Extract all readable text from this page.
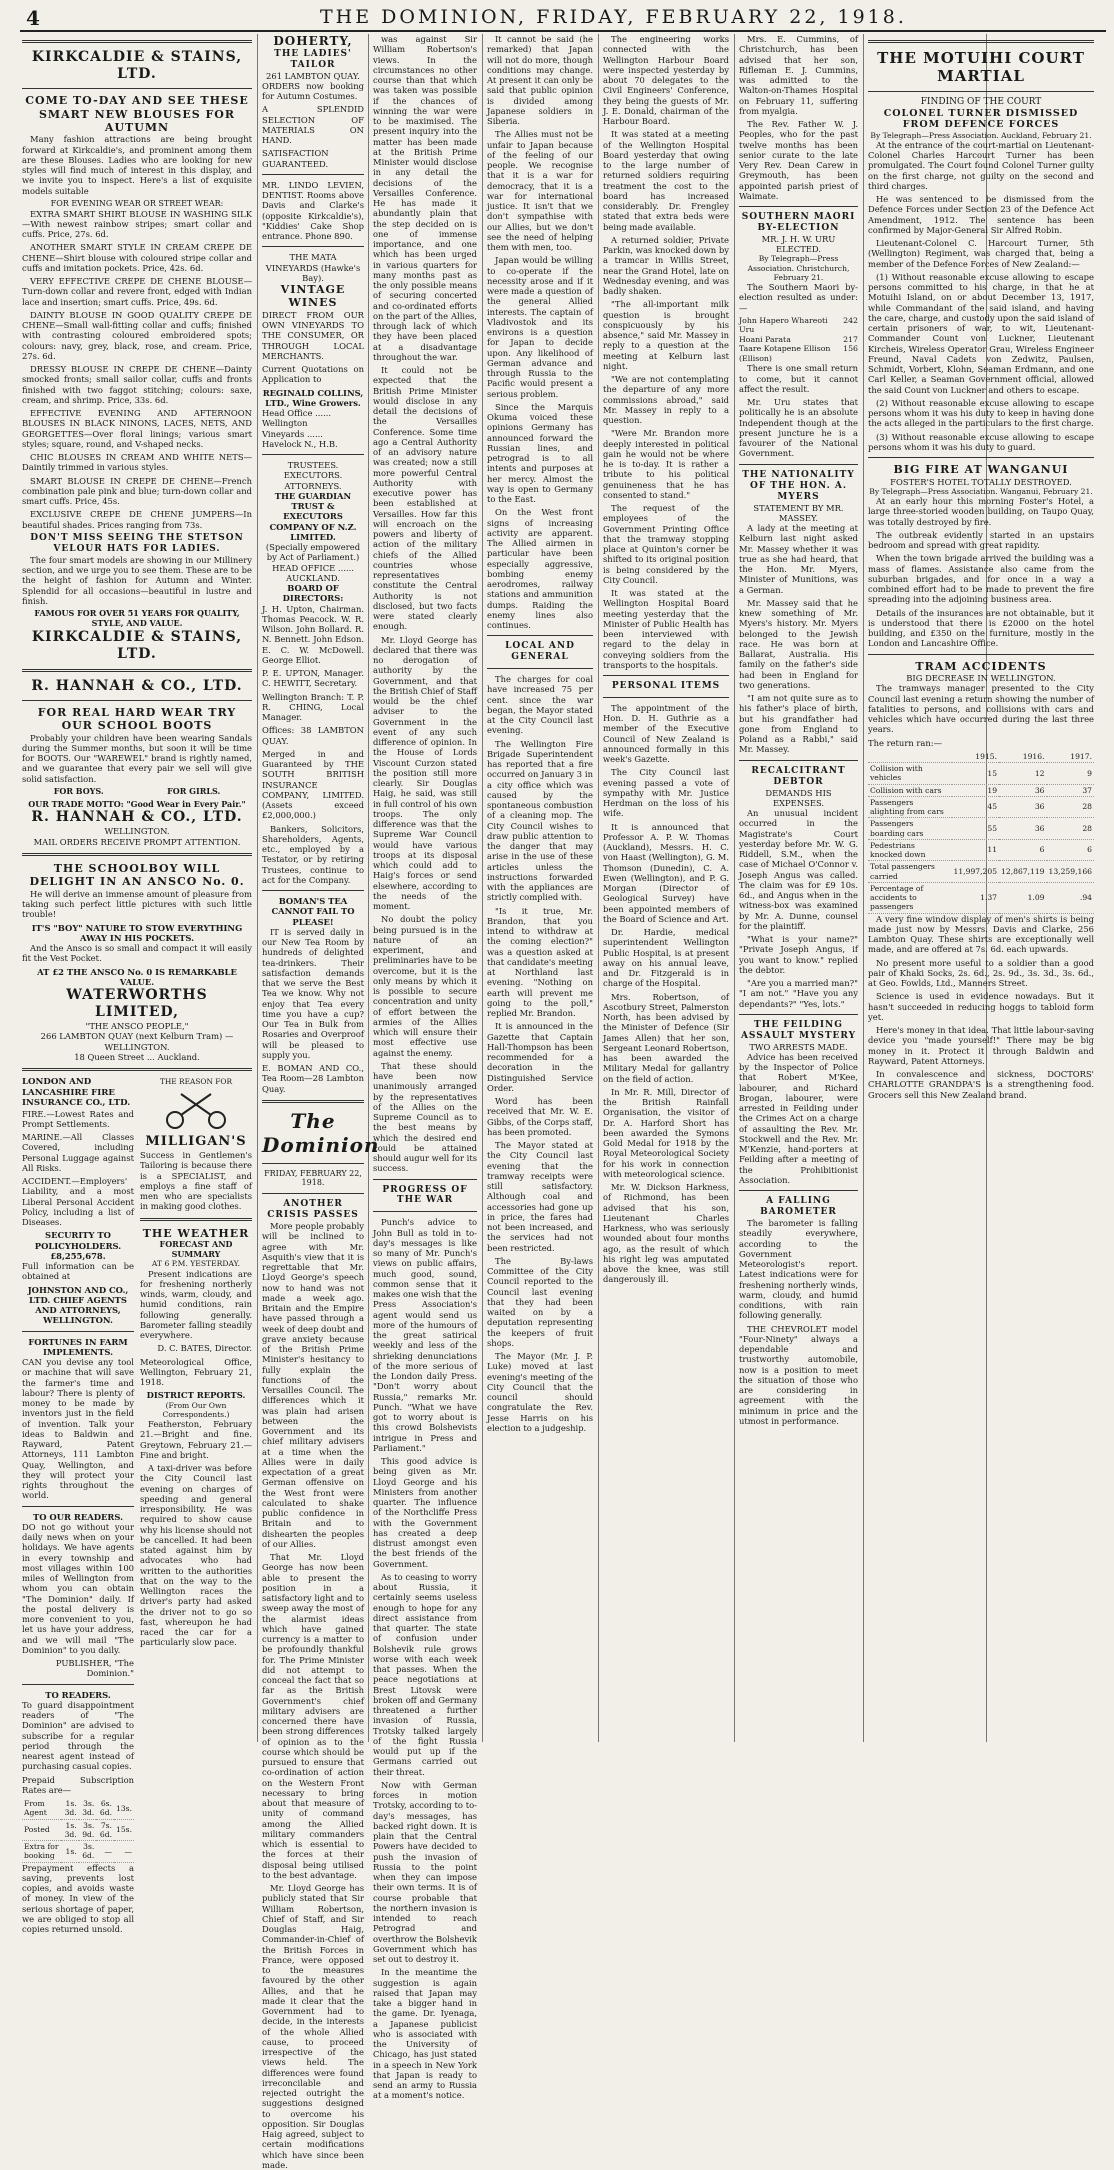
4	THE DOMINION, FRIDAY, FEBRUARY 22, 1918.
KIRKCALDIE & STAINS, LTD.
COME TO-DAY AND SEE THESE SMART NEW BLOUSES FOR AUTUMN

Many fashion attractions are being brought forward at Kirkcaldie's, and prominent among them are these Blouses. Ladies who are looking for new styles will find much of interest in this display, and we invite you to inspect. Here's a list of exquisite models suitable

FOR EVENING WEAR OR STREET WEAR:

EXTRA SMART SHIRT BLOUSE IN WASHING SILK—With newest rainbow stripes; smart collar and cuffs. Price, 27s. 6d.

ANOTHER SMART STYLE IN CREAM CREPE DE CHENE—Shirt blouse with coloured stripe collar and cuffs and imitation pockets. Price, 42s. 6d.

VERY EFFECTIVE CREPE DE CHENE BLOUSE—Turn-down collar and revere front, edged with Indian lace and insertion; smart cuffs. Price, 49s. 6d.

DAINTY BLOUSE IN GOOD QUALITY CREPE DE CHENE—Small wall-fitting collar and cuffs; finished with contrasting coloured embroidered spots; colours: navy, grey, black, rose, and cream. Price, 27s. 6d.

DRESSY BLOUSE IN CREPE DE CHENE—Dainty smocked fronts; small sailor collar, cuffs and fronts finished with two faggot stitching; colours: saxe, cream, and shrimp. Price, 33s. 6d.

EFFECTIVE EVENING AND AFTERNOON BLOUSES IN BLACK NINONS, LACES, NETS, AND GEORGETTES—Over floral linings; various smart styles; square, round, and V-shaped necks.

CHIC BLOUSES IN CREAM AND WHITE NETS—Daintily trimmed in various styles.

SMART BLOUSE IN CREPE DE CHENE—French combination pale pink and blue; turn-down collar and smart cuffs. Price, 45s.

EXCLUSIVE CREPE DE CHENE JUMPERS—In beautiful shades. Prices ranging from 73s.

DON'T MISS SEEING THE STETSON VELOUR HATS FOR LADIES.

The four smart models are showing in our Millinery section, and we urge you to see them. These are to be the height of fashion for Autumn and Winter. Splendid for all occasions—beautiful in lustre and finish.

FAMOUS FOR OVER 51 YEARS FOR QUALITY, STYLE, AND VALUE.
KIRKCALDIE & STAINS, LTD.
R. HANNAH & CO., LTD.
FOR REAL HARD WEAR TRY OUR SCHOOL BOOTS

Probably your children have been wearing Sandals during the Summer months, but soon it will be time for BOOTS. Our "WAREWEL" brand is rightly named, and we guarantee that every pair we sell will give solid satisfaction.

FOR BOYS.	FOR GIRLS.
OUR TRADE MOTTO: "Good Wear in Every Pair."
R. HANNAH & CO., LTD.
WELLINGTON.
MAIL ORDERS RECEIVE PROMPT ATTENTION.
THE SCHOOLBOY WILL DELIGHT IN AN ANSCO No. 0.

He will derive an immense amount of pleasure from taking such perfect little pictures with such little trouble!

IT'S "BOY" NATURE TO STOW EVERYTHING AWAY IN HIS POCKETS.

And the Ansco is so small and compact it will easily fit the Vest Pocket.

AT £2 THE ANSCO No. 0 IS REMARKABLE VALUE.
WATERWORTHS LIMITED,
"THE ANSCO PEOPLE,"
266 LAMBTON QUAY (next Kelburn Tram) — WELLINGTON.
18 Queen Street ... Auckland.
LONDON AND LANCASHIRE FIRE INSURANCE CO., LTD.

FIRE.—Lowest Rates and Prompt Settlements.

MARINE.—All Classes Covered, including Personal Luggage against All Risks.

ACCIDENT.—Employers' Liability, and a most Liberal Personal Accident Policy, including a list of Diseases.

SECURITY TO POLICYHOLDERS. £8,255,678.

Full information can be obtained at

JOHNSTON AND CO., LTD. CHIEF AGENTS AND ATTORNEYS, WELLINGTON.
FORTUNES IN FARM IMPLEMENTS.

CAN you devise any tool or machine that will save the farmer's time and labour? There is plenty of money to be made by inventors just in the field of invention. Talk your ideas to Baldwin and Rayward, Patent Attorneys, 111 Lambton Quay, Wellington, and they will protect your rights throughout the world.

TO OUR READERS.

DO not go without your daily news when on your holidays. We have agents in every township and most villages within 100 miles of Wellington from whom you can obtain "The Dominion" daily. If the postal delivery is more convenient to you, let us have your address, and we will mail "The Dominion" to you daily.

PUBLISHER, "The Dominion."

TO READERS.

To guard disappointment readers of "The Dominion" are advised to subscribe for a regular period through the nearest agent instead of purchasing casual copies.

Prepaid Subscription Rates are—

From Agent	1s. 3d.	3s. 3d.	6s. 6d.	13s.
Posted	1s. 3d.	3s. 9d.	7s. 6d.	15s.
Extra for booking	1s.	3s. 6d.	—	—

Prepayment effects a saving, prevents lost copies, and avoids waste of money. In view of the serious shortage of paper, we are obliged to stop all copies returned unsold.

THE REASON FOR
MILLIGAN'S

Success in Gentlemen's Tailoring is because there is a SPECIALIST, and employs a fine staff of men who are specialists in making good clothes.

THE WEATHER
FORECAST AND SUMMARY
AT 6 P.M. YESTERDAY.

Present indications are for freshening northerly winds, warm, cloudy, and humid conditions, rain following generally. Barometer falling steadily everywhere.

D. C. BATES, Director.

Meteorological Office, Wellington, February 21, 1918.

DISTRICT REPORTS.
(From Our Own Correspondents.)

Featherston, February 21.—Bright and fine. Greytown, February 21.—Fine and bright.

A taxi-driver was before the City Council last evening on charges of speeding and general irresponsibility. He was required to show cause why his license should not be cancelled. It had been stated against him by advocates who had written to the authorities that on the way to the Wellington races the driver's party had asked the driver not to go so fast, whereupon he had raced the car for a particularly slow pace.

DOHERTY,
THE LADIES' TAILOR
261 LAMBTON QUAY.

ORDERS now booking for Autumn Costumes.

A SPLENDID SELECTION OF MATERIALS ON HAND.

SATISFACTION GUARANTEED.

MR. LINDO LEVIEN, DENTIST. Rooms above Davis and Clarke's (opposite Kirkcaldie's), "Kiddies' Cake Shop entrance. Phone 890.

THE MATA VINEYARDS (Hawke's Bay).
VINTAGE WINES

DIRECT FROM OUR OWN VINEYARDS TO THE CONSUMER, OR THROUGH LOCAL MERCHANTS.

Current Quotations on Application to

REGINALD COLLINS, LTD., Wine Growers.
Head Office ...... Wellington
Vineyards ...... Havelock N., H.B.
TRUSTEES. EXECUTORS. ATTORNEYS.
THE GUARDIAN TRUST & EXECUTORS COMPANY OF N.Z. LIMITED.
(Specially empowered by Act of Parliament.)
HEAD OFFICE ...... AUCKLAND.
BOARD OF DIRECTORS:

J. H. Upton, Chairman. Thomas Peacock. W. R. Wilson. John Bollard. R. N. Bennett. John Edson. E. C. W. McDowell. George Elliot.

P. E. UPTON, Manager. C. HEWITT, Secretary.

Wellington Branch: T. P. R. CHING, Local Manager.

Offices: 38 LAMBTON QUAY.

Merged in and Guaranteed by THE SOUTH BRITISH INSURANCE COMPANY, LIMITED. (Assets exceed £2,000,000.)

Bankers, Solicitors, Shareholders, Agents, etc., employed by a Testator, or by retiring Trustees, continue to act for the Company.

BOMAN'S TEA CANNOT FAIL TO PLEASE!

IT is served daily in our New Tea Room by hundreds of delighted tea-drinkers. Their satisfaction demands that we serve the Best Tea we know. Why not enjoy that Tea every time you have a cup? Our Tea in Bulk from Rosaries and Overproof will be pleased to supply you.

E. BOMAN AND CO., Tea Room—28 Lambton Quay.

The Dominion
FRIDAY, FEBRUARY 22, 1918.
ANOTHER CRISIS PASSES

More people probably will be inclined to agree with Mr. Asquith's view that it is regrettable that Mr. Lloyd George's speech now to hand was not made a week ago. Britain and the Empire have passed through a week of deep doubt and grave anxiety because of the British Prime Minister's hesitancy to fully explain the functions of the Versailles Council. The differences which it was plain had arisen between the Government and its chief military advisers at a time when the Allies were in daily expectation of a great German offensive on the West front were calculated to shake public confidence in Britain and to dishearten the peoples of our Allies.

That Mr. Lloyd George has now been able to present the position in a satisfactory light and to sweep away the most of the alarmist ideas which have gained currency is a matter to be profoundly thankful for. The Prime Minister did not attempt to conceal the fact that so far as the British Government's chief military advisers are concerned there have been strong differences of opinion as to the course which should be pursued to ensure that co-ordination of action on the Western Front necessary to bring about that measure of unity of command among the Allied military commanders which is essential to the forces at their disposal being utilised to the best advantage.

Mr. Lloyd George has publicly stated that Sir William Robertson, Chief of Staff, and Sir Douglas Haig, Commander-in-Chief of the British Forces in France, were opposed to the measures favoured by the other Allies, and that he made it clear that the Government had to decide, in the interests of the whole Allied cause, to proceed irrespective of the views held. The differences were found irreconcilable and rejected outright the suggestions designed to overcome his opposition. Sir Douglas Haig agreed, subject to certain modifications which have since been made.

was against Sir William Robertson's views. In the circumstances no other course than that which was taken was possible if the chances of winning the war were to be maximised. The present inquiry into the matter has been made at the British Prime Minister would disclose in any detail the decisions of the Versailles Conference. He has made it abundantly plain that the step decided on is one of immense importance, and one which has been urged in various quarters for many months past as the only possible means of securing concerted and co-ordinated efforts on the part of the Allies, through lack of which they have been placed at a disadvantage throughout the war.

It could not be expected that the British Prime Minister would disclose in any detail the decisions of the Versailles Conference. Some time ago a Central Authority of an advisory nature was created; now a still more powerful Central Authority with executive power has been established at Versailles. How far this will encroach on the powers and liberty of action of the military chiefs of the Allied countries whose representatives constitute the Central Authority is not disclosed, but two facts were stated clearly enough.

Mr. Lloyd George has declared that there was no derogation of authority by the Government, and that the British Chief of Staff would be the chief adviser to the Government in the event of any such difference of opinion. In the House of Lords Viscount Curzon stated the position still more clearly. Sir Douglas Haig, he said, was still in full control of his own troops. The only difference was that the Supreme War Council would have various troops at its disposal which could add to Haig's forces or send elsewhere, according to the needs of the moment.

No doubt the policy being pursued is in the nature of an experiment, and preliminaries have to be overcome, but it is the only means by which it is possible to secure concentration and unity of effort between the armies of the Allies which will ensure their most effective use against the enemy.

That these should have been now unanimously arranged by the representatives of the Allies on the Supreme Council as to the best means by which the desired end could be attained should augur well for its success.

PROGRESS OF THE WAR

Punch's advice to John Bull as told in to-day's messages is like so many of Mr. Punch's views on public affairs, much good, sound, common sense that it makes one wish that the Press Association's agent would send us more of the humours of the great satirical weekly and less of the shrieking denunciations of the more serious of the London daily Press. "Don't worry about Russia," remarks Mr. Punch. "What we have got to worry about is this crowd Bolshevists intrigue in Press and Parliament."

This good advice is being given as Mr. Lloyd George and his Ministers from another quarter. The influence of the Northcliffe Press with the Government has created a deep distrust amongst even the best friends of the Government.

As to ceasing to worry about Russia, it certainly seems useless enough to hope for any direct assistance from that quarter. The state of confusion under Bolshevik rule grows worse with each week that passes. When the peace negotiations at Brest Litovsk were broken off and Germany threatened a further invasion of Russia, Trotsky talked largely of the fight Russia would put up if the Germans carried out their threat.

Now with German forces in motion Trotsky, according to to-day's messages, has backed right down. It is plain that the Central Powers have decided to push the invasion of Russia to the point when they can impose their own terms. It is of course probable that the northern invasion is intended to reach Petrograd and overthrow the Bolshevik Government which has set out to destroy it.

In the meantime the suggestion is again raised that Japan may take a bigger hand in the game. Dr. Iyenaga, a Japanese publicist who is associated with the University of Chicago, has just stated in a speech in New York that Japan is ready to send an army to Russia at a moment's notice.

It cannot be said (he remarked) that Japan will not do more, though conditions may change. At present it can only be said that public opinion is divided among Japanese soldiers in Siberia.

The Allies must not be unfair to Japan because of the feeling of our people. We recognise that it is a war for democracy, that it is a war for international justice. It isn't that we don't sympathise with our Allies, but we don't see the need of helping them with men, too.

Japan would be willing to co-operate if the necessity arose and if it were made a question of the general Allied interests. The captain of Vladivostok and its environs is a question for Japan to decide upon. Any likelihood of German advance and through Russia to the Pacific would present a serious problem.

Since the Marquis Okuma voiced these opinions Germany has announced forward the Russian lines, and petrograd is to all intents and purposes at her mercy. Almost the way is open to Germany to the East.

On the West front signs of increasing activity are apparent. The Allied airmen in particular have been especially aggressive, bombing enemy aerodromes, railway stations and ammunition dumps. Raiding the enemy lines also continues.

LOCAL AND GENERAL

The charges for coal have increased 75 per cent. since the war began, the Mayor stated at the City Council last evening.

The Wellington Fire Brigade Superintendent has reported that a fire occurred on January 3 in a city office which was caused by the spontaneous combustion of a cleaning mop. The City Council wishes to draw public attention to the danger that may arise in the use of these articles unless the instructions forwarded with the appliances are strictly complied with.

"Is it true, Mr. Brandon, that you intend to withdraw at the coming election?" was a question asked at that candidate's meeting at Northland last evening. "Nothing on earth will prevent me going to the poll," replied Mr. Brandon.

It is announced in the Gazette that Captain Hall-Thompson has been recommended for a decoration in the Distinguished Service Order.

Word has been received that Mr. W. E. Gibbs, of the Corps staff, has been promoted.

The Mayor stated at the City Council last evening that the tramway receipts were still satisfactory. Although coal and accessories had gone up in price, the fares had not been increased, and the services had not been restricted.

The By-laws Committee of the City Council reported to the Council last evening that they had been waited on by a deputation representing the keepers of fruit shops.

The Mayor (Mr. J. P. Luke) moved at last evening's meeting of the City Council that the council should congratulate the Rev. Jesse Harris on his election to a judgeship.

The engineering works connected with the Wellington Harbour Board were inspected yesterday by about 70 delegates to the Civil Engineers' Conference, they being the guests of Mr. J. E. Donald, chairman of the Harbour Board.

It was stated at a meeting of the Wellington Hospital Board yesterday that owing to the large number of returned soldiers requiring treatment the cost to the board has increased considerably. Dr. Frengley stated that extra beds were being made available.

A returned soldier, Private Parkin, was knocked down by a tramcar in Willis Street, near the Grand Hotel, late on Wednesday evening, and was badly shaken.

"The all-important milk question is brought conspicuously by his absence," said Mr. Massey in reply to a question at the meeting at Kelburn last night.

"We are not contemplating the departure of any more commissions abroad," said Mr. Massey in reply to a question.

"Were Mr. Brandon more deeply interested in political gain he would not be where he is to-day. It is rather a tribute to his political genuineness that he has consented to stand."

The request of the employees of the Government Printing Office that the tramway stopping place at Quinton's corner be shifted to its original position is being considered by the City Council.

It was stated at the Wellington Hospital Board meeting yesterday that the Minister of Public Health has been interviewed with regard to the delay in conveying soldiers from the transports to the hospitals.

PERSONAL ITEMS

The appointment of the Hon. D. H. Guthrie as a member of the Executive Council of New Zealand is announced formally in this week's Gazette.

The City Council last evening passed a vote of sympathy with Mr. Justice Herdman on the loss of his wife.

It is announced that Professor A. P. W. Thomas (Auckland), Messrs. H. C. von Haast (Wellington), G. M. Thomson (Dunedin), C. A. Ewen (Wellington), and P. G. Morgan (Director of Geological Survey) have been appointed members of the Board of Science and Art.

Dr. Hardie, medical superintendent Wellington Public Hospital, is at present away on his annual leave, and Dr. Fitzgerald is in charge of the Hospital.

Mrs. Robertson, of Ascotbury Street, Palmerston North, has been advised by the Minister of Defence (Sir James Allen) that her son, Sergeant Leonard Robertson, has been awarded the Military Medal for gallantry on the field of action.

In Mr. R. Mill, Director of the British Rainfall Organisation, the visitor of Dr. A. Harford Short has been awarded the Symons Gold Medal for 1918 by the Royal Meteorological Society for his work in connection with meteorological science.

Mr. W. Dickson Harkness, of Richmond, has been advised that his son, Lieutenant Charles Harkness, who was seriously wounded about four months ago, as the result of which his right leg was amputated above the knee, was still dangerously ill.

Mrs. E. Cummins, of Christchurch, has been advised that her son, Rifleman E. J. Cummins, was admitted to the Walton-on-Thames Hospital on February 11, suffering from myalgia.

The Rev. Father W. J. Peoples, who for the past twelve months has been senior curate to the late Very Rev. Dean Carew in Greymouth, has been appointed parish priest of Waimate.

SOUTHERN MAORI BY-ELECTION
MR. J. H. W. URU ELECTED.
By Telegraph—Press Association. Christchurch, February 21.

The Southern Maori by-election resulted as under:—

John Hapero Whareoti Uru
242
Hoani Parata	217
Taare Kotapene Ellison (Ellison)
156

There is one small return to come, but it cannot affect the result.

Mr. Uru states that politically he is an absolute Independent though at the present juncture he is a favourer of the National Government.

THE NATIONALITY OF THE HON. A. MYERS
STATEMENT BY MR. MASSEY.

A lady at the meeting at Kelburn last night asked Mr. Massey whether it was true as she had heard, that the Hon. Mr. Myers, Minister of Munitions, was a German.

Mr. Massey said that he knew something of Mr. Myers's history. Mr. Myers belonged to the Jewish race. He was born at Ballarat, Australia. His family on the father's side had been in England for two generations.

"I am not quite sure as to his father's place of birth, but his grandfather had gone from England to Poland as a Rabbi," said Mr. Massey.

RECALCITRANT DEBTOR
DEMANDS HIS EXPENSES.

An unusual incident occurred in the Magistrate's Court yesterday before Mr. W. G. Riddell, S.M., when the case of Michael O'Connor v. Joseph Angus was called. The claim was for £9 10s. 6d., and Angus when in the witness-box was examined by Mr. A. Dunne, counsel for the plaintiff.

"What is your name?" "Private Joseph Angus, if you want to know." replied the debtor.

"Are you a married man?" "I am not." "Have you any dependants?" "Yes, lots."

THE FEILDING ASSAULT MYSTERY
TWO ARRESTS MADE.

Advice has been received by the Inspector of Police that Robert M'Kee, labourer, and Richard Brogan, labourer, were arrested in Feilding under the Crimes Act on a charge of assaulting the Rev. Mr. Stockwell and the Rev. Mr. M'Kenzie, hand-porters at Feilding after a meeting of the Prohibitionist Association.

A FALLING BAROMETER

The barometer is falling steadily everywhere, according to the Government Meteorologist's report. Latest indications were for freshening northerly winds, warm, cloudy, and humid conditions, with rain following generally.

THE CHEVROLET model "Four-Ninety" always a dependable and trustworthy automobile, now is a position to meet the situation of those who are considering in agreement with the minimum in price and the utmost in performance.

THE MOTUIHI COURT MARTIAL
FINDING OF THE COURT
COLONEL TURNER DISMISSED FROM DEFENCE FORCES
By Telegraph—Press Association. Auckland, February 21.

At the entrance of the court-martial on Lieutenant-Colonel Charles Harcourt Turner has been promulgated. The Court found Colonel Turner guilty on the first charge, not guilty on the second and third charges.

He was sentenced to be dismissed from the Defence Forces under Section 23 of the Defence Act Amendment, 1912. The sentence has been confirmed by Major-General Sir Alfred Robin.

Lieutenant-Colonel C. Harcourt Turner, 5th (Wellington) Regiment, was charged that, being a member of the Defence Forces of New Zealand:—

(1) Without reasonable excuse allowing to escape persons committed to his charge, in that he at Motuihi Island, on or about December 13, 1917, while Commandant of the said island, and having the care, charge, and custody upon the said island of certain prisoners of war, to wit, Lieutenant-Commander Count von Luckner, Lieutenant Kircheis, Wireless Operator Grau, Wireless Engineer Freund, Naval Cadets von Zedwitz, Paulsen, Schmidt, Vorbert, Klohn, Seaman Erdmann, and one Carl Keller, a Seaman Government official, allowed the said Count von Luckner and others to escape.

(2) Without reasonable excuse allowing to escape persons whom it was his duty to keep in having done the acts alleged in the particulars to the first charge.

(3) Without reasonable excuse allowing to escape persons whom it was his duty to guard.

BIG FIRE AT WANGANUI
FOSTER'S HOTEL TOTALLY DESTROYED.
By Telegraph—Press Association. Wanganui, February 21.

At an early hour this morning Foster's Hotel, a large three-storied wooden building, on Taupo Quay, was totally destroyed by fire.

The outbreak evidently started in an upstairs bedroom and spread with great rapidity.

When the town brigade arrived the building was a mass of flames. Assistance also came from the suburban brigades, and for once in a way a combined effort had to be made to prevent the fire spreading into the adjoining business area.

Details of the insurances are not obtainable, but it is understood that there is £2000 on the hotel building, and £350 on the furniture, mostly in the London and Lancashire Office.

TRAM ACCIDENTS
BIG DECREASE IN WELLINGTON.

The tramways manager presented to the City Council last evening a return showing the number of fatalities to persons, and collisions with cars and vehicles which have occurred during the last three years.

The return ran:—

	1915.	1916.	1917.
Collision with vehicles	15	12	9
Collision with cars	19	36	37
Passengers alighting from cars	45	36	28
Passengers boarding cars	55	36	28
Pedestrians knocked down	11	6	6
Total passengers carried	11,997,205	12,867,119	13,259,166
Percentage of accidents to passengers	1.37	1.09	.94

A very fine window display of men's shirts is being made just now by Messrs. Davis and Clarke, 256 Lambton Quay. These shirts are exceptionally well made, and are offered at 7s. 6d. each upwards.

No present more useful to a soldier than a good pair of Khaki Socks, 2s. 6d., 2s. 9d., 3s. 3d., 3s. 6d., at Geo. Fowlds, Ltd., Manners Street.

Science is used in evidence nowadays. But it hasn't succeeded in reducing hoggs to tabloid form yet.

Here's money in that idea. That little labour-saving device you "made yourself!" There may be big money in it. Protect it through Baldwin and Rayward, Patent Attorneys.

In convalescence and sickness, DOCTORS' CHARLOTTE GRANDPA'S is a strengthening food. Grocers sell this New Zealand brand.
